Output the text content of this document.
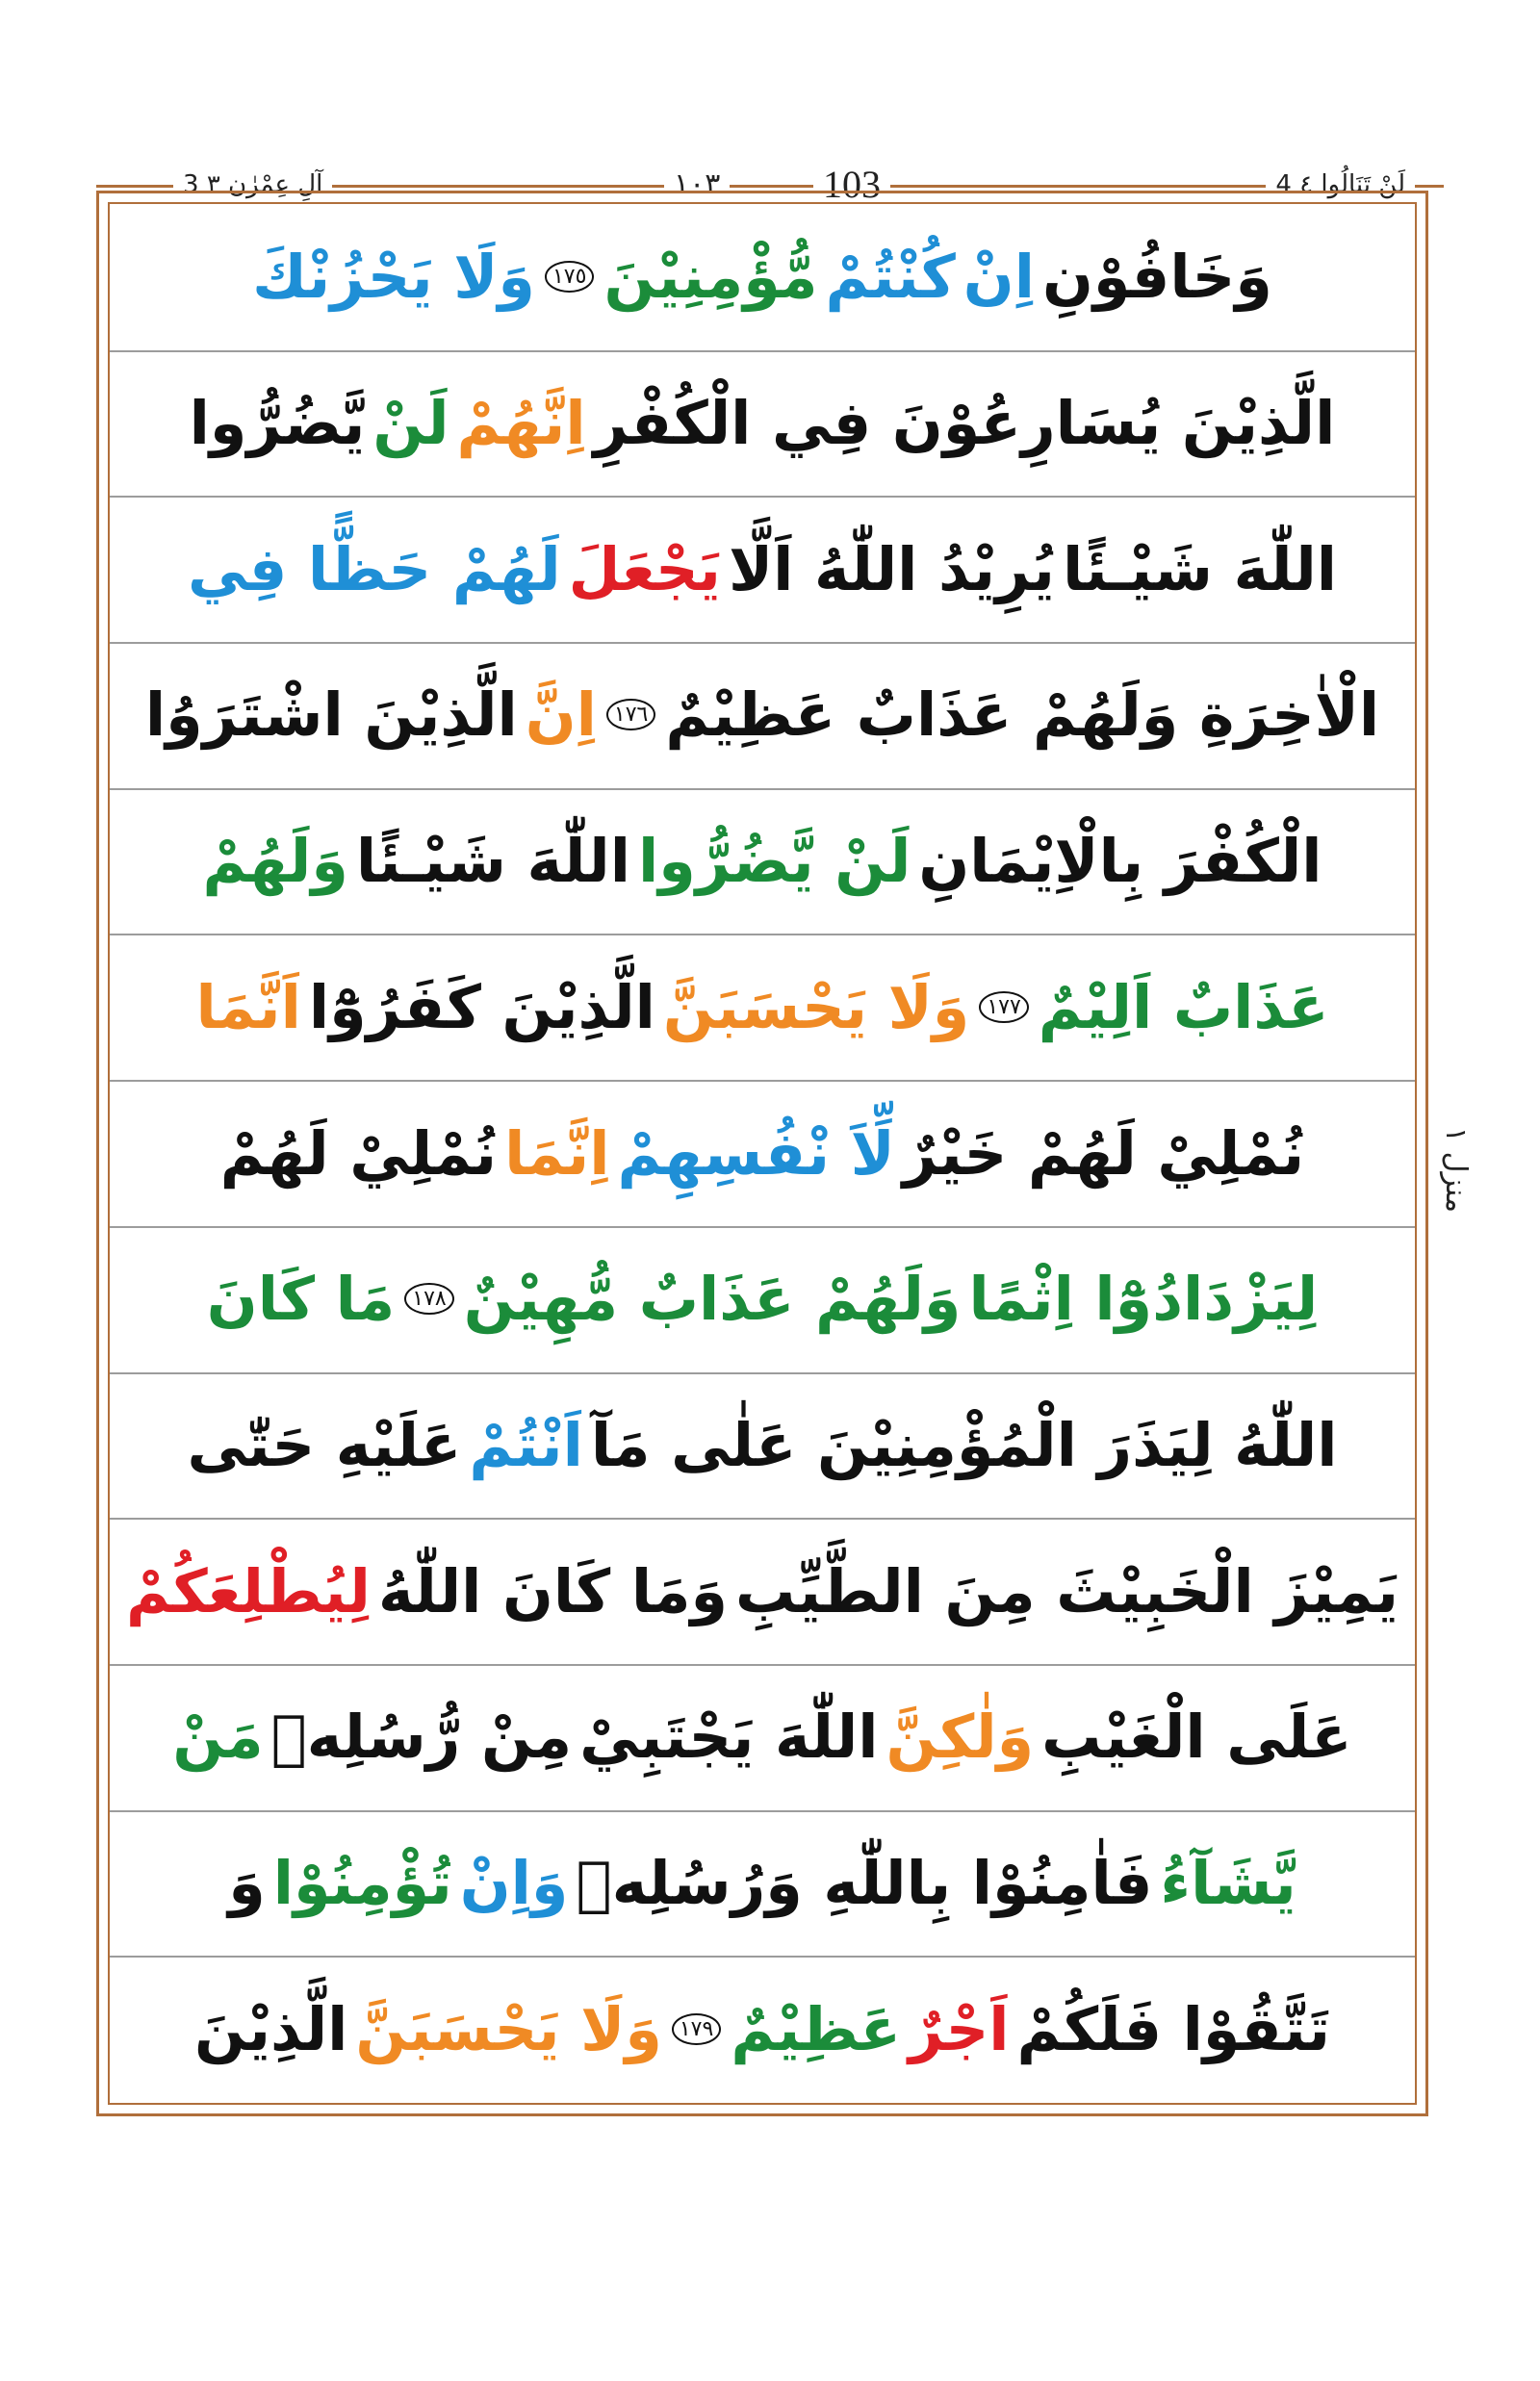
3 آلِ عِمْرٰن ٣	١٠٣	103	4 لَنْ تَنَالُوا ٤
وَخَافُوْنِ
اِنْ
كُنْتُمْ
مُّؤْمِنِيْنَ
١٧٥
وَلَا يَحْزُنْكَ
الَّذِيْنَ يُسَارِعُوْنَ فِي الْكُفْرِ
اِنَّهُمْ
لَنْ
يَّضُرُّوا
اللّٰهَ شَيْـئًا
يُرِيْدُ اللّٰهُ اَلَّا
يَجْعَلَ
لَهُمْ حَظًّا فِي
الْاٰخِرَةِ وَلَهُمْ عَذَابٌ عَظِيْمٌ
١٧٦
اِنَّ
الَّذِيْنَ اشْتَرَوُا
الْكُفْرَ بِالْاِيْمَانِ
لَنْ يَّضُرُّوا
اللّٰهَ شَيْـئًا
وَلَهُمْ
عَذَابٌ اَلِيْمٌ
١٧٧
وَلَا يَحْسَبَنَّ
الَّذِيْنَ كَفَرُوْٓا
اَنَّمَا
نُمْلِيْ لَهُمْ خَيْرٌ
لِّاَ نْفُسِهِمْ
اِنَّمَا
نُمْلِيْ لَهُمْ
لِيَزْدَادُوْٓا اِثْمًا
وَلَهُمْ عَذَابٌ مُّهِيْنٌ
١٧٨
مَا كَانَ
اللّٰهُ لِيَذَرَ الْمُؤْمِنِيْنَ عَلٰى مَآ
اَنْتُمْ
عَلَيْهِ حَتّٰى
يَمِيْزَ الْخَبِيْثَ مِنَ الطَّيِّبِ
وَمَا كَانَ اللّٰهُ
لِيُطْلِعَكُمْ
عَلَى الْغَيْبِ
وَلٰكِنَّ
اللّٰهَ يَجْتَبِيْ
مِنْ رُّسُلِهٖ
مَنْ
يَّشَآءُ
فَاٰمِنُوْا بِاللّٰهِ وَرُسُلِهٖ
وَاِنْ
تُؤْمِنُوْا
وَ
تَتَّقُوْا فَلَكُمْ
اَجْرٌ
عَظِيْمٌ
١٧٩
وَلَا يَحْسَبَنَّ
الَّذِيْنَ
منزل ۱
